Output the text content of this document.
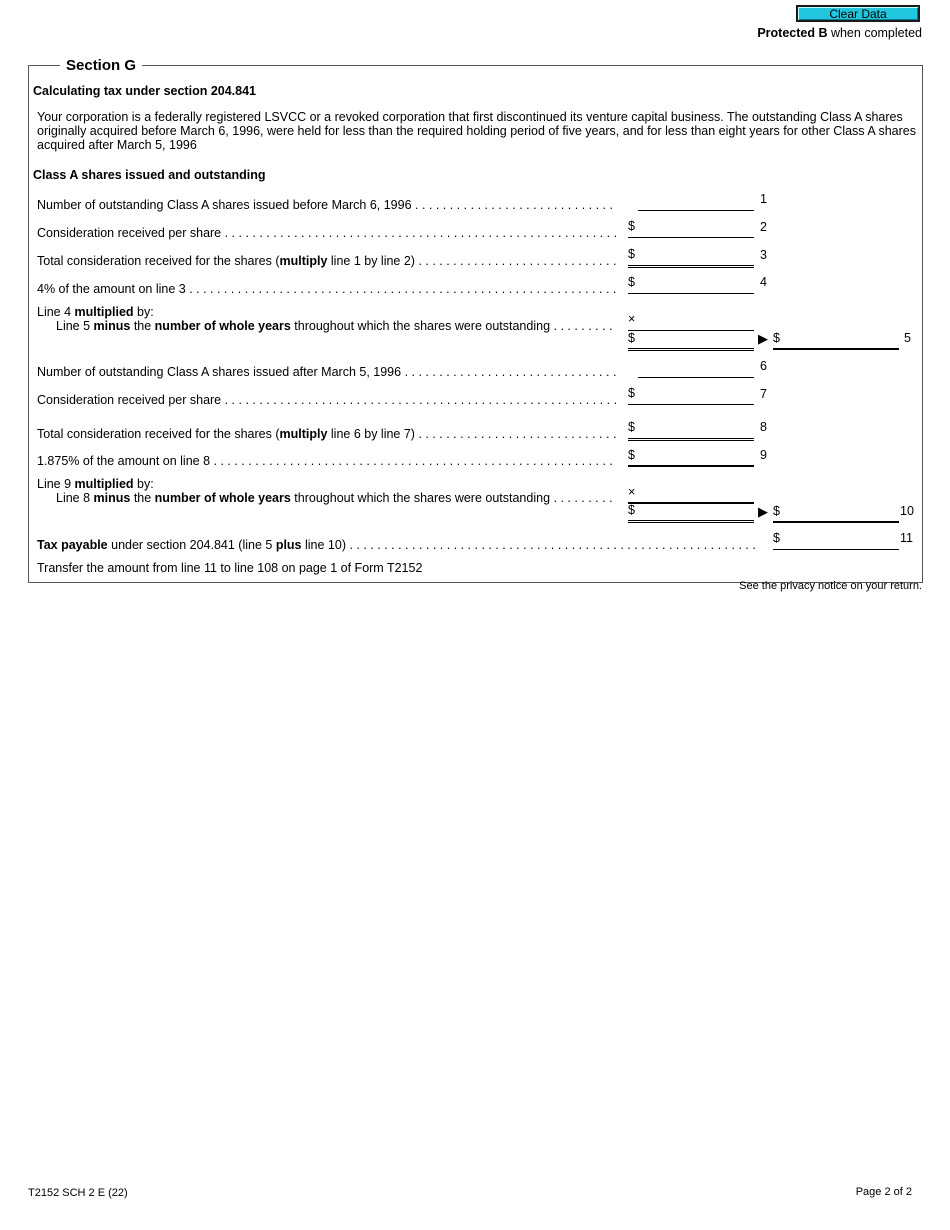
Clear Data
Protected B when completed
Section G
Calculating tax under section 204.841
Your corporation is a federally registered LSVCC or a revoked corporation that first discontinued its venture capital business. The outstanding Class A shares originally acquired before March 6, 1996, were held for less than the required holding period of five years, and for less than eight years for other Class A shares acquired after March 5, 1996
Class A shares issued and outstanding
Number of outstanding Class A shares issued before March 6, 1996 . . .	1
Consideration received per share . . .	$	2
Total consideration received for the shares (multiply line 1 by line 2) . . .	$	3
4% of the amount on line 3 . . .	$	4
Line 4 multiplied by:
Line 5 minus the number of whole years throughout which the shares were outstanding . . .	×
$	▶ $	5
Number of outstanding Class A shares issued after March 5, 1996 . . .	6
Consideration received per share . . .	$	7
Total consideration received for the shares (multiply line 6 by line 7) . . .	$	8
1.875% of the amount on line 8 . . .	$	9
Line 9 multiplied by:
Line 8 minus the number of whole years throughout which the shares were outstanding . . .	×
$	▶ $	10
Tax payable under section 204.841 (line 5 plus line 10) . . .	$	11
Transfer the amount from line 11 to line 108 on page 1 of Form T2152
See the privacy notice on your return.
T2152 SCH 2 E (22)	Page 2 of 2
